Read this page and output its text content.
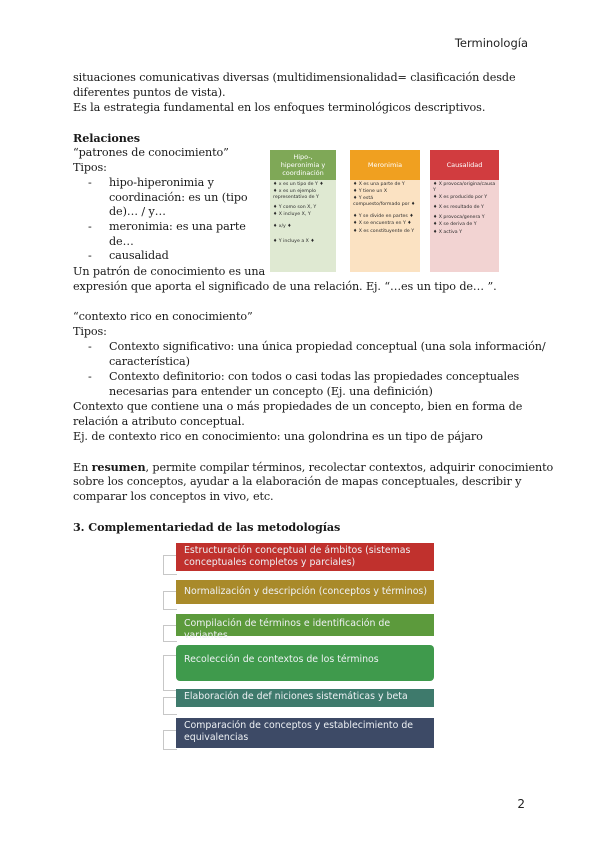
Terminología
situaciones comunicativas diversas (multidimensionalidad= clasificación desde
diferentes puntos de vista).
Es la estrategia fundamental en los enfoques terminológicos descriptivos.
Relaciones
“patrones de conocimiento”
Tipos:
- hipo-hiperonimia y
coordinación: es un (tipo
de)… / y…
- meronimia: es una parte
de…
- causalidad
Un patrón de conocimiento es una
expresión que aporta el significado de una relación. Ej. “…es un tipo de… ”.
Hipo-, hiperonimia y coordinación
♦ x es un tipo de Y ♦
♦ x es un ejemplo representativo de Y
♦ Y como son X, Y
♦ X incluye X, Y
♦ x/y ♦
♦ Y incluye a X ♦
Meronimia
♦ X es una parte de Y
♦ Y tiene un X
♦ Y está compuesto/formado por ♦
♦ Y se divide en partes ♦
♦ X se encuentra en Y ♦
♦ X es constituyente de Y
Causalidad
♦ X provoca/origina/causa Y
♦ X es producido por Y
♦ X es resultado de Y
♦ X provoca/genera Y
♦ X se deriva de Y
♦ X activa Y
“contexto rico en conocimiento”
Tipos:
- Contexto significativo: una única propiedad conceptual (una sola información/
característica)
- Contexto definitorio: con todos o casi todas las propiedades conceptuales
necesarias para entender un concepto (Ej. una definición)
Contexto que contiene una o más propiedades de un concepto, bien en forma de
relación a atributo conceptual.
Ej. de contexto rico en conocimiento: una golondrina es un tipo de pájaro
En resumen, permite compilar términos, recolectar contextos, adquirir conocimiento
sobre los conceptos, ayudar a la elaboración de mapas conceptuales, describir y
comparar los conceptos in vivo, etc.
3. Complementariedad de las metodologías
Estructuración conceptual de ámbitos (sistemas
conceptuales completos y parciales)
Normalización y descripción (conceptos y términos)
Compilación de términos e identificación de variantes
Recolección de contextos de los términos
Elaboración de def niciones sistemáticas y beta
Comparación de conceptos y establecimiento de
equivalencias
2
